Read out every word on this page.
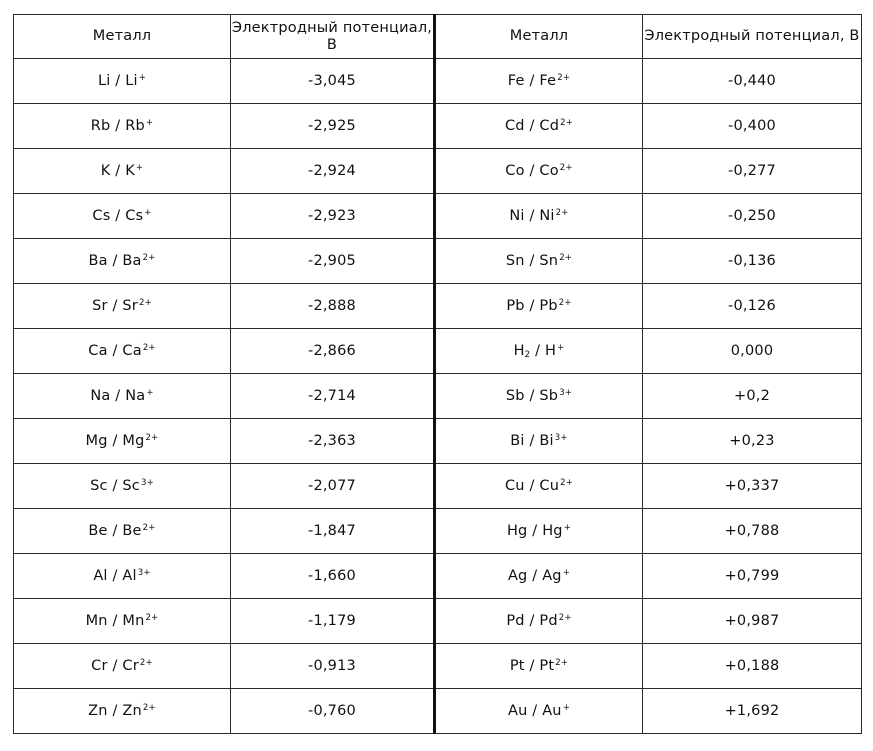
Металл	Электродный потенциал, В	Металл	Электродный потенциал, В
Li / Li+	-3,045	Fe / $Fe^{2+}$	-0,440
Rb / Rb+	-2,925	Cd / $Cd^{2+}$	-0,400
K / K+	-2,924	Co / $Co^{2+}$	-0,277
Cs / Cs+	-2,923	Ni / $Ni^{2+}$	-0,250
Ba / $Ba^{2+}$	-2,905	Sn / $Sn^{2+}$	-0,136
Sr / $Sr^{2+}$	-2,888	Pb / $Pb^{2+}$	-0,126
Ca / $Ca^{2+}$	-2,866	$H_2 / H^+$	0,000
Na / Na+	-2,714	Sb / $Sb^{3+}$	+0,2
Mg / $Mg^{2+}$	-2,363	Bi / $Bi^{3+}$	+0,23
Sc / $Sc^{3+}$	-2,077	Cu / $Cu^{2+}$	+0,337
Be / $Be^{2+}$	-1,847	Hg / Hg+	+0,788
Al / $Al^{3+}$	-1,660	Ag / Ag+	+0,799
Mn / $Mn^{2+}$	-1,179	Pd / $Pd^{2+}$	+0,987
Cr / $Cr^{2+}$	-0,913	Pt / $Pt^{2+}$	+0,188
Zn / $Zn^{2+}$	-0,760	Au / Au+	+1,692
